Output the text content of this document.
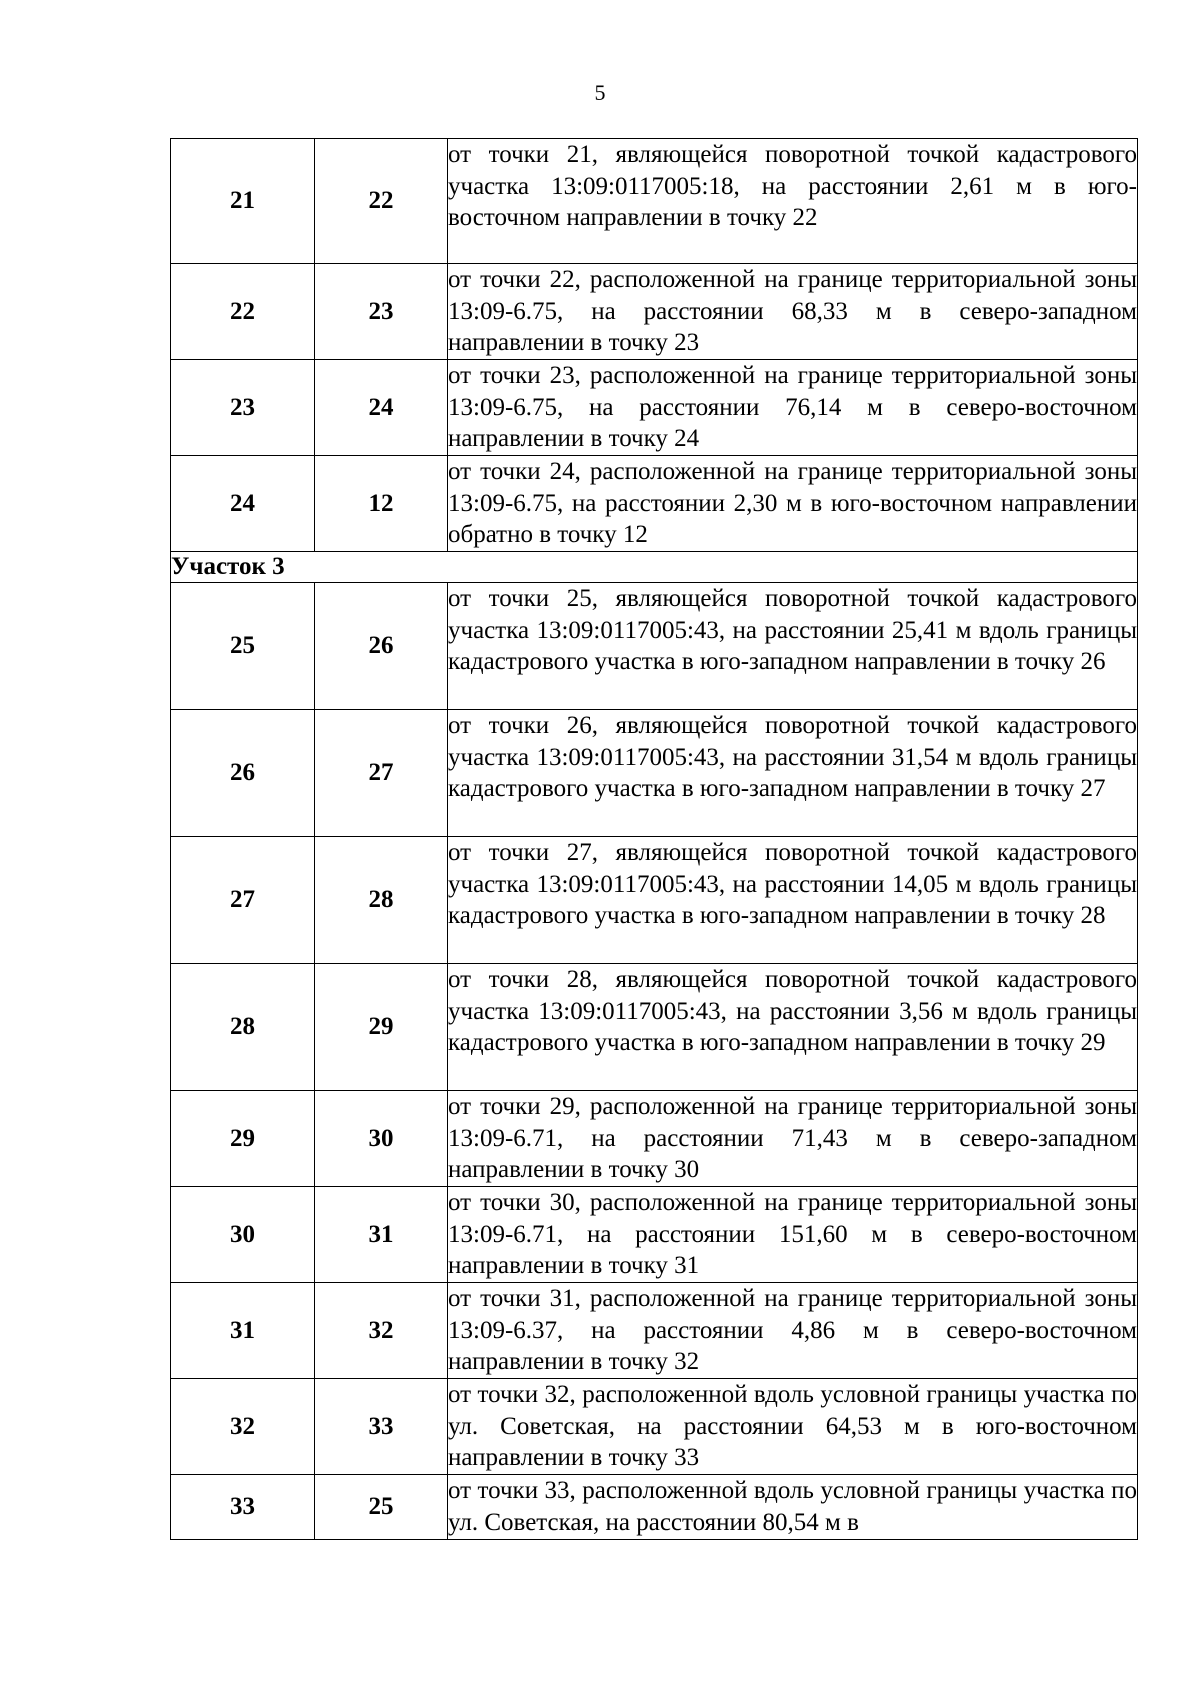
5
21	22	от точки 21, являющейся поворотной точкой кадастрового участка 13:09:0117005:18, на расстоянии 2,61 м в юго-восточном направлении в точку 22
22	23	от точки 22, расположенной на границе территориальной зоны 13:09-6.75, на расстоянии 68,33 м в северо-западном направлении в точку 23
23	24	от точки 23, расположенной на границе территориальной зоны 13:09-6.75, на расстоянии 76,14 м в северо-восточном направлении в точку 24
24	12	от точки 24, расположенной на границе территориальной зоны 13:09-6.75, на расстоянии 2,30 м в юго-восточном направлении обратно в точку 12
Участок 3		
25	26	от точки 25, являющейся поворотной точкой кадастрового участка 13:09:0117005:43, на расстоянии 25,41 м вдоль границы кадастрового участка в юго-западном направлении в точку 26
26	27	от точки 26, являющейся поворотной точкой кадастрового участка 13:09:0117005:43, на расстоянии 31,54 м вдоль границы кадастрового участка в юго-западном направлении в точку 27
27	28	от точки 27, являющейся поворотной точкой кадастрового участка 13:09:0117005:43, на расстоянии 14,05 м вдоль границы кадастрового участка в юго-западном направлении в точку 28
28	29	от точки 28, являющейся поворотной точкой кадастрового участка 13:09:0117005:43, на расстоянии 3,56 м вдоль границы кадастрового участка в юго-западном направлении в точку 29
29	30	от точки 29, расположенной на границе территориальной зоны 13:09-6.71, на расстоянии 71,43 м в северо-западном направлении в точку 30
30	31	от точки 30, расположенной на границе территориальной зоны 13:09-6.71, на расстоянии 151,60 м в северо-восточном направлении в точку 31
31	32	от точки 31, расположенной на границе территориальной зоны 13:09-6.37, на расстоянии 4,86 м в северо-восточном направлении в точку 32
32	33	от точки 32, расположенной вдоль условной границы участка по ул. Советская, на расстоянии 64,53 м в юго-восточном направлении в точку 33
33	25	от точки 33, расположенной вдоль условной границы участка по ул. Советская, на расстоянии 80,54 м в
